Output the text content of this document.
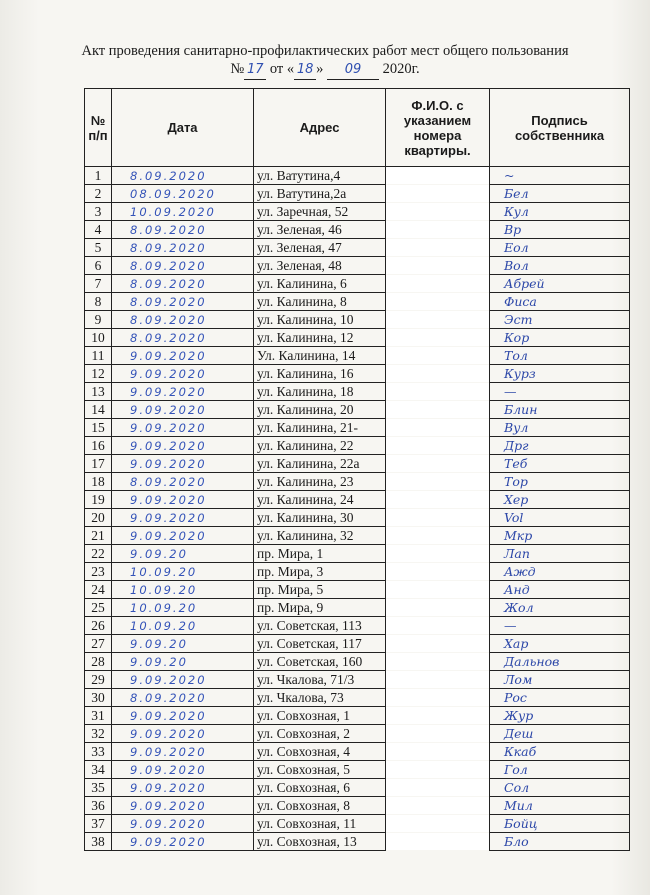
Акт проведения санитарно-профилактических работ мест общего пользования
№ 17 от « 18 » 09 2020г.
№ п/п	Дата	Адрес	Ф.И.О. с указанием номера квартиры.	Подпись собственника
1	8.09.2020	ул. Ватутина,4		~
2	08.09.2020	ул. Ватутина,2а		Бел
3	10.09.2020	ул. Заречная, 52		Кул
4	8.09.2020	ул. Зеленая, 46		Вр
5	8.09.2020	ул. Зеленая, 47		Еол
6	8.09.2020	ул. Зеленая, 48		Вол
7	8.09.2020	ул. Калинина, 6		Абрей
8	8.09.2020	ул. Калинина, 8		Фиса
9	8.09.2020	ул. Калинина, 10		Эст
10	8.09.2020	ул. Калинина, 12		Кор
11	9.09.2020	Ул. Калинина, 14		Тол
12	9.09.2020	ул. Калинина, 16		Курз
13	9.09.2020	ул. Калинина, 18		—
14	9.09.2020	ул. Калинина, 20		Блин
15	9.09.2020	ул. Калинина, 21-		Вул
16	9.09.2020	ул. Калинина, 22		Дрг
17	9.09.2020	ул. Калинина, 22а		Теб
18	8.09.2020	ул. Калинина, 23		Тор
19	9.09.2020	ул. Калинина, 24		Хер
20	9.09.2020	ул. Калинина, 30		Vol
21	9.09.2020	ул. Калинина, 32		Мкр
22	9.09.20	пр. Мира, 1		Лап
23	10.09.20	пр. Мира, 3		Ажд
24	10.09.20	пр. Мира, 5		Анд
25	10.09.20	пр. Мира, 9		Жол
26	10.09.20	ул. Советская, 113		—
27	9.09.20	ул. Советская, 117		Хар
28	9.09.20	ул. Советская, 160		Дальнов
29	9.09.2020	ул. Чкалова, 71/3		Лом
30	8.09.2020	ул. Чкалова, 73		Рос
31	9.09.2020	ул. Совхозная, 1		Жур
32	9.09.2020	ул. Совхозная, 2		Деш
33	9.09.2020	ул. Совхозная, 4		Ккаб
34	9.09.2020	ул. Совхозная, 5		Гол
35	9.09.2020	ул. Совхозная, 6		Сол
36	9.09.2020	ул. Совхозная, 8		Мил
37	9.09.2020	ул. Совхозная, 11		Бойц
38	9.09.2020	ул. Совхозная, 13		Бло
